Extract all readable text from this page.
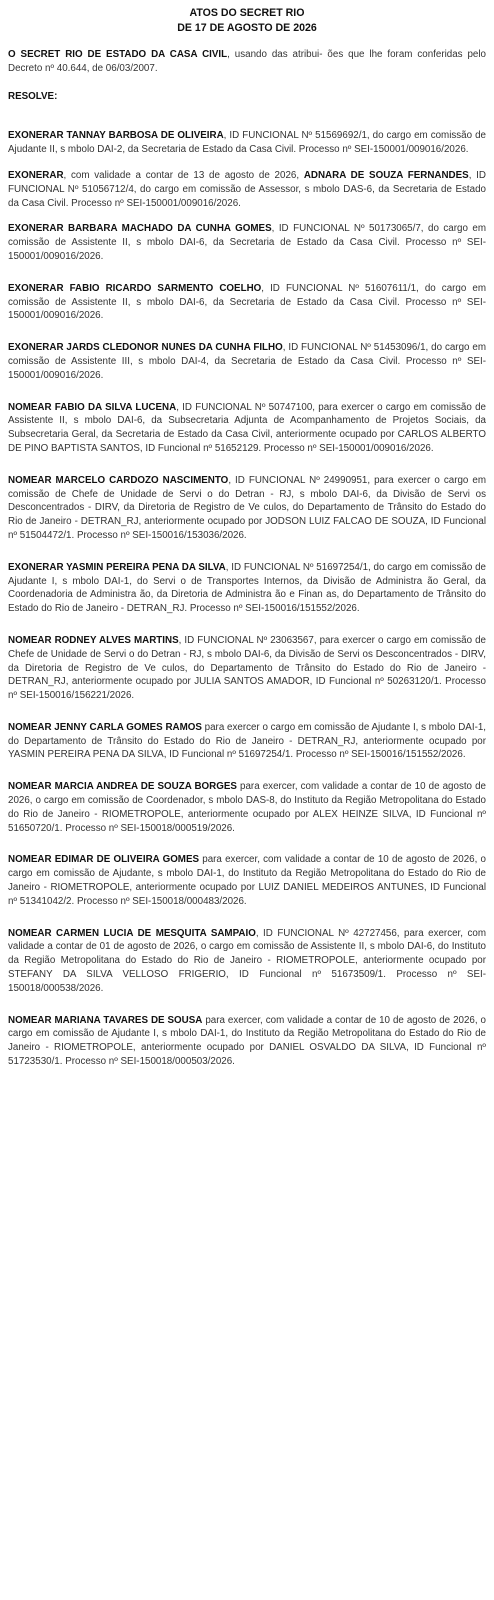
ATOS DO SECRET RIO

DE 17 DE AGOSTO DE 2026

O SECRET RIO DE ESTADO DA CASA CIVIL, usando das atribui- ões que lhe foram conferidas pelo Decreto nº 40.644, de 06/03/2007.

RESOLVE:

EXONERAR TANNAY BARBOSA DE OLIVEIRA, ID FUNCIONAL Nº 51569692/1, do cargo em comissão de Ajudante II, s mbolo DAI-2, da Secretaria de Estado da Casa Civil. Processo nº SEI-150001/009016/2026.

EXONERAR, com validade a contar de 13 de agosto de 2026, ADNARA DE SOUZA FERNANDES, ID FUNCIONAL Nº 51056712/4, do cargo em comissão de Assessor, s mbolo DAS-6, da Secretaria de Estado da Casa Civil. Processo nº SEI-150001/009016/2026.

EXONERAR BARBARA MACHADO DA CUNHA GOMES, ID FUNCIONAL Nº 50173065/7, do cargo em comissão de Assistente II, s mbolo DAI-6, da Secretaria de Estado da Casa Civil. Processo nº SEI-150001/009016/2026.

EXONERAR FABIO RICARDO SARMENTO COELHO, ID FUNCIONAL Nº 51607611/1, do cargo em comissão de Assistente II, s mbolo DAI-6, da Secretaria de Estado da Casa Civil. Processo nº SEI-150001/009016/2026.

EXONERAR JARDS CLEDONOR NUNES DA CUNHA FILHO, ID FUNCIONAL Nº 51453096/1, do cargo em comissão de Assistente III, s mbolo DAI-4, da Secretaria de Estado da Casa Civil. Processo nº SEI-150001/009016/2026.

NOMEAR FABIO DA SILVA LUCENA, ID FUNCIONAL Nº 50747100, para exercer o cargo em comissão de Assistente II, s mbolo DAI-6, da Subsecretaria Adjunta de Acompanhamento de Projetos Sociais, da Subsecretaria Geral, da Secretaria de Estado da Casa Civil, anteriormente ocupado por CARLOS ALBERTO DE PINO BAPTISTA SANTOS, ID Funcional nº 51652129. Processo nº SEI-150001/009016/2026.

NOMEAR MARCELO CARDOZO NASCIMENTO, ID FUNCIONAL Nº 24990951, para exercer o cargo em comissão de Chefe de Unidade de Servi o do Detran - RJ, s mbolo DAI-6, da Divisão de Servi os Desconcentrados - DIRV, da Diretoria de Registro de Ve culos, do Departamento de Trânsito do Estado do Rio de Janeiro - DETRAN_RJ, anteriormente ocupado por JODSON LUIZ FALCAO DE SOUZA, ID Funcional nº 51504472/1. Processo nº SEI-150016/153036/2026.

EXONERAR YASMIN PEREIRA PENA DA SILVA, ID FUNCIONAL Nº 51697254/1, do cargo em comissão de Ajudante I, s mbolo DAI-1, do Servi o de Transportes Internos, da Divisão de Administra ão Geral, da Coordenadoria de Administra ão, da Diretoria de Administra ão e Finan as, do Departamento de Trânsito do Estado do Rio de Janeiro - DETRAN_RJ. Processo nº SEI-150016/151552/2026.

NOMEAR RODNEY ALVES MARTINS, ID FUNCIONAL Nº 23063567, para exercer o cargo em comissão de Chefe de Unidade de Servi o do Detran - RJ, s mbolo DAI-6, da Divisão de Servi os Desconcentrados - DIRV, da Diretoria de Registro de Ve culos, do Departamento de Trânsito do Estado do Rio de Janeiro - DETRAN_RJ, anteriormente ocupado por JULIA SANTOS AMADOR, ID Funcional nº 50263120/1. Processo nº SEI-150016/156221/2026.

NOMEAR JENNY CARLA GOMES RAMOS para exercer o cargo em comissão de Ajudante I, s mbolo DAI-1, do Departamento de Trânsito do Estado do Rio de Janeiro - DETRAN_RJ, anteriormente ocupado por YASMIN PEREIRA PENA DA SILVA, ID Funcional nº 51697254/1. Processo nº SEI-150016/151552/2026.

NOMEAR MARCIA ANDREA DE SOUZA BORGES para exercer, com validade a contar de 10 de agosto de 2026, o cargo em comissão de Coordenador, s mbolo DAS-8, do Instituto da Região Metropolitana do Estado do Rio de Janeiro - RIOMETROPOLE, anteriormente ocupado por ALEX HEINZE SILVA, ID Funcional nº 51650720/1. Processo nº SEI-150018/000519/2026.

NOMEAR EDIMAR DE OLIVEIRA GOMES para exercer, com validade a contar de 10 de agosto de 2026, o cargo em comissão de Ajudante, s mbolo DAI-1, do Instituto da Região Metropolitana do Estado do Rio de Janeiro - RIOMETROPOLE, anteriormente ocupado por LUIZ DANIEL MEDEIROS ANTUNES, ID Funcional nº 51341042/2. Processo nº SEI-150018/000483/2026.

NOMEAR CARMEN LUCIA DE MESQUITA SAMPAIO, ID FUNCIONAL Nº 42727456, para exercer, com validade a contar de 01 de agosto de 2026, o cargo em comissão de Assistente II, s mbolo DAI-6, do Instituto da Região Metropolitana do Estado do Rio de Janeiro - RIOMETROPOLE, anteriormente ocupado por STEFANY DA SILVA VELLOSO FRIGERIO, ID Funcional nº 51673509/1. Processo nº SEI-150018/000538/2026.

NOMEAR MARIANA TAVARES DE SOUSA para exercer, com validade a contar de 10 de agosto de 2026, o cargo em comissão de Ajudante I, s mbolo DAI-1, do Instituto da Região Metropolitana do Estado do Rio de Janeiro - RIOMETROPOLE, anteriormente ocupado por DANIEL OSVALDO DA SILVA, ID Funcional nº 51723530/1. Processo nº SEI-150018/000503/2026.
